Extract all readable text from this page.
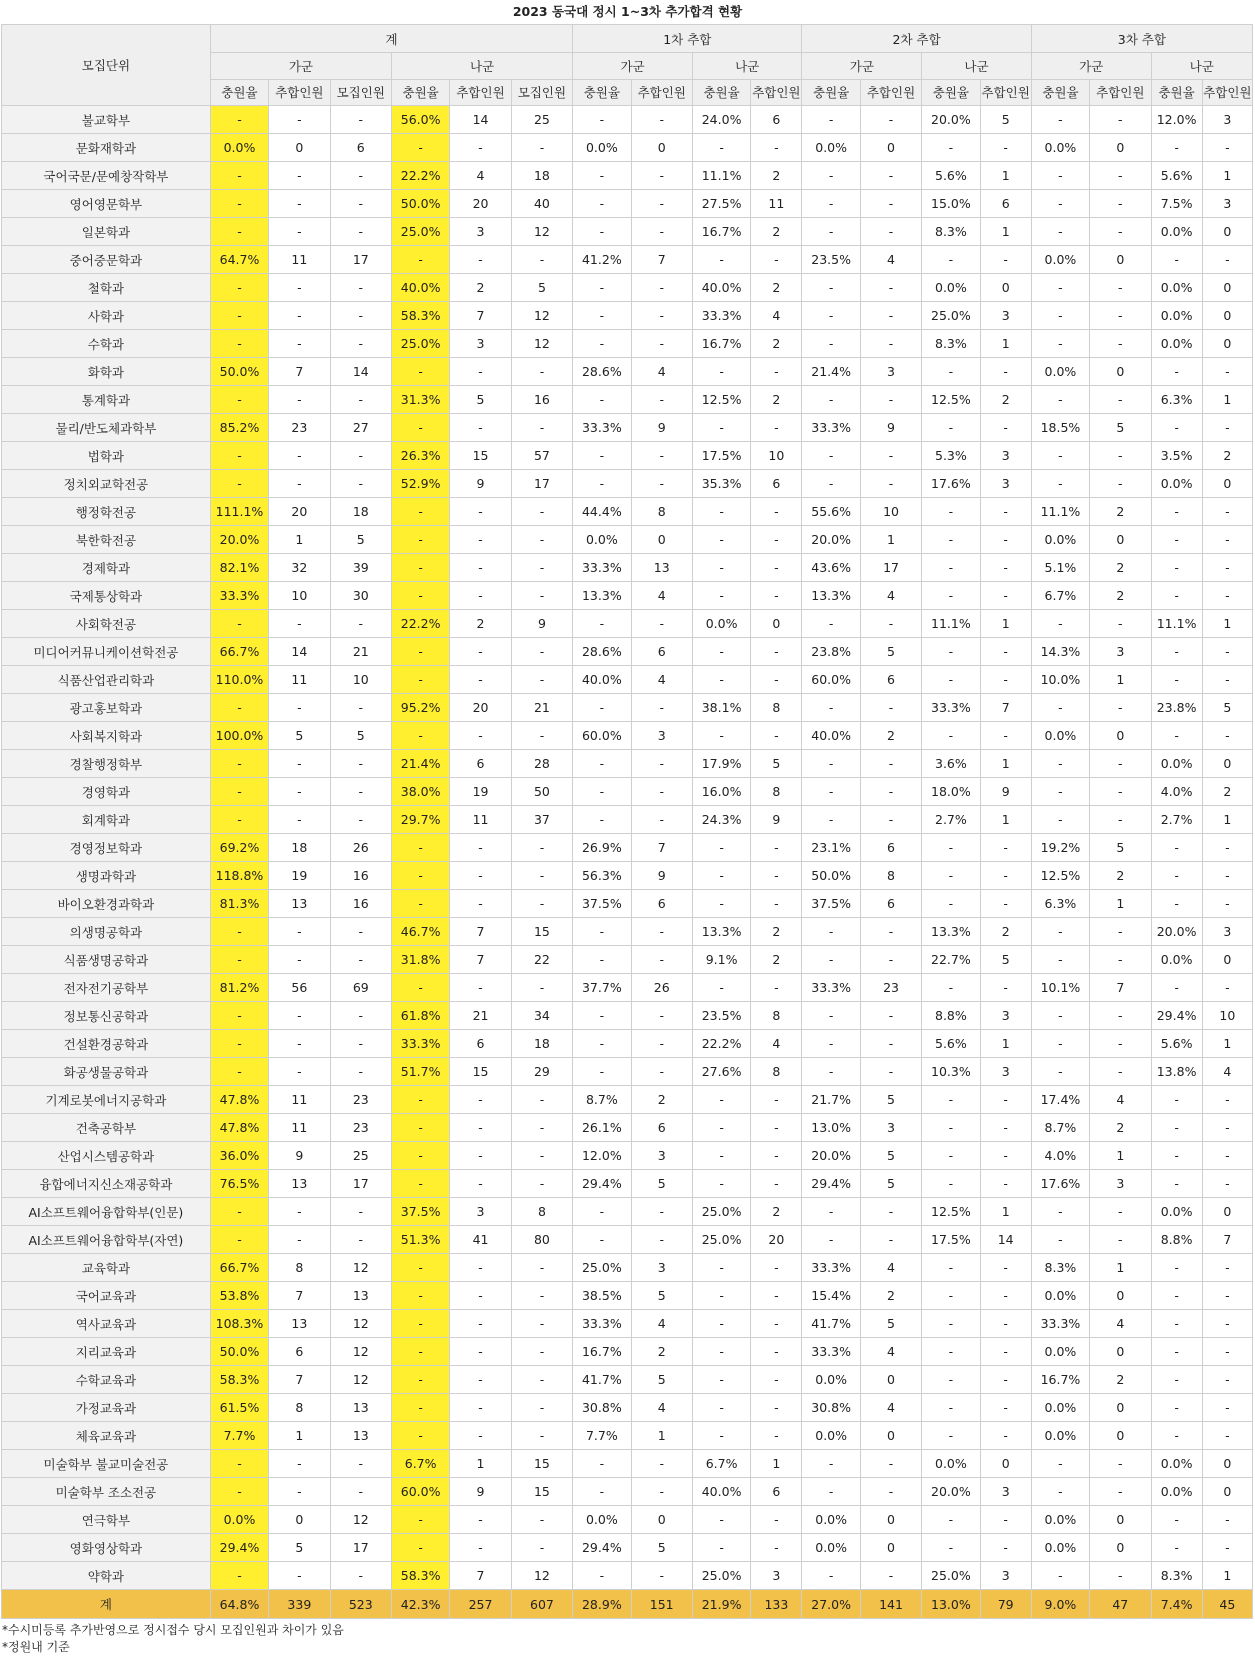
2023 동국대 정시 1~3차 추가합격 현황
모집단위	계						1차 추합				2차 추합				3차 추합			
	가군			나군			가군		나군		가군		나군		가군		나군	
	충원율	추합인원	모집인원	충원율	추합인원	모집인원	충원율	추합인원	충원율	추합인원	충원율	추합인원	충원율	추합인원	충원율	추합인원	충원율	추합인원
불교학부	-	-	-	56.0%	14	25	-	-	24.0%	6	-	-	20.0%	5	-	-	12.0%	3
문화재학과	0.0%	0	6	-	-	-	0.0%	0	-	-	0.0%	0	-	-	0.0%	0	-	-
국어국문/문예창작학부	-	-	-	22.2%	4	18	-	-	11.1%	2	-	-	5.6%	1	-	-	5.6%	1
영어영문학부	-	-	-	50.0%	20	40	-	-	27.5%	11	-	-	15.0%	6	-	-	7.5%	3
일본학과	-	-	-	25.0%	3	12	-	-	16.7%	2	-	-	8.3%	1	-	-	0.0%	0
중어중문학과	64.7%	11	17	-	-	-	41.2%	7	-	-	23.5%	4	-	-	0.0%	0	-	-
철학과	-	-	-	40.0%	2	5	-	-	40.0%	2	-	-	0.0%	0	-	-	0.0%	0
사학과	-	-	-	58.3%	7	12	-	-	33.3%	4	-	-	25.0%	3	-	-	0.0%	0
수학과	-	-	-	25.0%	3	12	-	-	16.7%	2	-	-	8.3%	1	-	-	0.0%	0
화학과	50.0%	7	14	-	-	-	28.6%	4	-	-	21.4%	3	-	-	0.0%	0	-	-
통계학과	-	-	-	31.3%	5	16	-	-	12.5%	2	-	-	12.5%	2	-	-	6.3%	1
물리/반도체과학부	85.2%	23	27	-	-	-	33.3%	9	-	-	33.3%	9	-	-	18.5%	5	-	-
법학과	-	-	-	26.3%	15	57	-	-	17.5%	10	-	-	5.3%	3	-	-	3.5%	2
정치외교학전공	-	-	-	52.9%	9	17	-	-	35.3%	6	-	-	17.6%	3	-	-	0.0%	0
행정학전공	111.1%	20	18	-	-	-	44.4%	8	-	-	55.6%	10	-	-	11.1%	2	-	-
북한학전공	20.0%	1	5	-	-	-	0.0%	0	-	-	20.0%	1	-	-	0.0%	0	-	-
경제학과	82.1%	32	39	-	-	-	33.3%	13	-	-	43.6%	17	-	-	5.1%	2	-	-
국제통상학과	33.3%	10	30	-	-	-	13.3%	4	-	-	13.3%	4	-	-	6.7%	2	-	-
사회학전공	-	-	-	22.2%	2	9	-	-	0.0%	0	-	-	11.1%	1	-	-	11.1%	1
미디어커뮤니케이션학전공	66.7%	14	21	-	-	-	28.6%	6	-	-	23.8%	5	-	-	14.3%	3	-	-
식품산업관리학과	110.0%	11	10	-	-	-	40.0%	4	-	-	60.0%	6	-	-	10.0%	1	-	-
광고홍보학과	-	-	-	95.2%	20	21	-	-	38.1%	8	-	-	33.3%	7	-	-	23.8%	5
사회복지학과	100.0%	5	5	-	-	-	60.0%	3	-	-	40.0%	2	-	-	0.0%	0	-	-
경찰행정학부	-	-	-	21.4%	6	28	-	-	17.9%	5	-	-	3.6%	1	-	-	0.0%	0
경영학과	-	-	-	38.0%	19	50	-	-	16.0%	8	-	-	18.0%	9	-	-	4.0%	2
회계학과	-	-	-	29.7%	11	37	-	-	24.3%	9	-	-	2.7%	1	-	-	2.7%	1
경영정보학과	69.2%	18	26	-	-	-	26.9%	7	-	-	23.1%	6	-	-	19.2%	5	-	-
생명과학과	118.8%	19	16	-	-	-	56.3%	9	-	-	50.0%	8	-	-	12.5%	2	-	-
바이오환경과학과	81.3%	13	16	-	-	-	37.5%	6	-	-	37.5%	6	-	-	6.3%	1	-	-
의생명공학과	-	-	-	46.7%	7	15	-	-	13.3%	2	-	-	13.3%	2	-	-	20.0%	3
식품생명공학과	-	-	-	31.8%	7	22	-	-	9.1%	2	-	-	22.7%	5	-	-	0.0%	0
전자전기공학부	81.2%	56	69	-	-	-	37.7%	26	-	-	33.3%	23	-	-	10.1%	7	-	-
정보통신공학과	-	-	-	61.8%	21	34	-	-	23.5%	8	-	-	8.8%	3	-	-	29.4%	10
건설환경공학과	-	-	-	33.3%	6	18	-	-	22.2%	4	-	-	5.6%	1	-	-	5.6%	1
화공생물공학과	-	-	-	51.7%	15	29	-	-	27.6%	8	-	-	10.3%	3	-	-	13.8%	4
기계로봇에너지공학과	47.8%	11	23	-	-	-	8.7%	2	-	-	21.7%	5	-	-	17.4%	4	-	-
건축공학부	47.8%	11	23	-	-	-	26.1%	6	-	-	13.0%	3	-	-	8.7%	2	-	-
산업시스템공학과	36.0%	9	25	-	-	-	12.0%	3	-	-	20.0%	5	-	-	4.0%	1	-	-
융합에너지신소재공학과	76.5%	13	17	-	-	-	29.4%	5	-	-	29.4%	5	-	-	17.6%	3	-	-
AI소프트웨어융합학부(인문)	-	-	-	37.5%	3	8	-	-	25.0%	2	-	-	12.5%	1	-	-	0.0%	0
AI소프트웨어융합학부(자연)	-	-	-	51.3%	41	80	-	-	25.0%	20	-	-	17.5%	14	-	-	8.8%	7
교육학과	66.7%	8	12	-	-	-	25.0%	3	-	-	33.3%	4	-	-	8.3%	1	-	-
국어교육과	53.8%	7	13	-	-	-	38.5%	5	-	-	15.4%	2	-	-	0.0%	0	-	-
역사교육과	108.3%	13	12	-	-	-	33.3%	4	-	-	41.7%	5	-	-	33.3%	4	-	-
지리교육과	50.0%	6	12	-	-	-	16.7%	2	-	-	33.3%	4	-	-	0.0%	0	-	-
수학교육과	58.3%	7	12	-	-	-	41.7%	5	-	-	0.0%	0	-	-	16.7%	2	-	-
가정교육과	61.5%	8	13	-	-	-	30.8%	4	-	-	30.8%	4	-	-	0.0%	0	-	-
체육교육과	7.7%	1	13	-	-	-	7.7%	1	-	-	0.0%	0	-	-	0.0%	0	-	-
미술학부 불교미술전공	-	-	-	6.7%	1	15	-	-	6.7%	1	-	-	0.0%	0	-	-	0.0%	0
미술학부 조소전공	-	-	-	60.0%	9	15	-	-	40.0%	6	-	-	20.0%	3	-	-	0.0%	0
연극학부	0.0%	0	12	-	-	-	0.0%	0	-	-	0.0%	0	-	-	0.0%	0	-	-
영화영상학과	29.4%	5	17	-	-	-	29.4%	5	-	-	0.0%	0	-	-	0.0%	0	-	-
약학과	-	-	-	58.3%	7	12	-	-	25.0%	3	-	-	25.0%	3	-	-	8.3%	1
계	64.8%	339	523	42.3%	257	607	28.9%	151	21.9%	133	27.0%	141	13.0%	79	9.0%	47	7.4%	45
*수시미등록 추가반영으로 정시접수 당시 모집인원과 차이가 있음
*정원내 기준
